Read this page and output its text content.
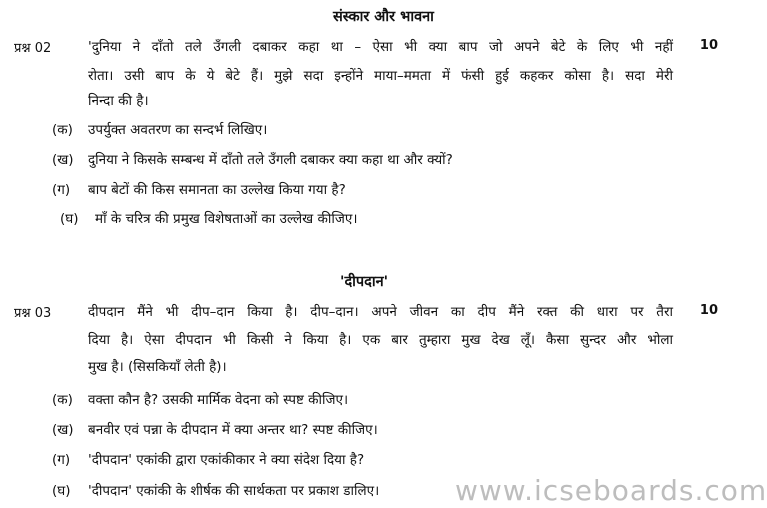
संस्कार और भावना
प्रश्न 02	10
'दुनिया ने दाँतो तले उँगली दबाकर कहा था – ऐसा भी क्या बाप जो अपने बेटे के लिए भी नहीं
रोता। उसी बाप के ये बेटे हैं। मुझे सदा इन्होंने माया–ममता में फंसी हुई कहकर कोसा है। सदा मेरी
निन्दा की है।
(क) उपर्युक्त अवतरण का सन्दर्भ लिखिए।
(ख) दुनिया ने किसके सम्बन्ध में दाँतो तले उँगली दबाकर क्या कहा था और क्यों?
(ग) बाप बेटों की किस समानता का उल्लेख किया गया है?
(घ) माँ के चरित्र की प्रमुख विशेषताओं का उल्लेख कीजिए।
'दीपदान'
प्रश्न 03	10
दीपदान मैंने भी दीप–दान किया है। दीप–दान। अपने जीवन का दीप मैंने रक्त की धारा पर तैरा
दिया है। ऐसा दीपदान भी किसी ने किया है। एक बार तुम्हारा मुख देख लूँ। कैसा सुन्दर और भोला
मुख है। (सिसकियाँ लेती है)।
(क) वक्ता कौन है? उसकी मार्मिक वेदना को स्पष्ट कीजिए।
(ख) बनवीर एवं पन्ना के दीपदान में क्या अन्तर था? स्पष्ट कीजिए।
(ग) 'दीपदान' एकांकी द्वारा एकांकीकार ने क्या संदेश दिया है?
(घ) 'दीपदान' एकांकी के शीर्षक की सार्थकता पर प्रकाश डालिए।	www.icseboards.com
